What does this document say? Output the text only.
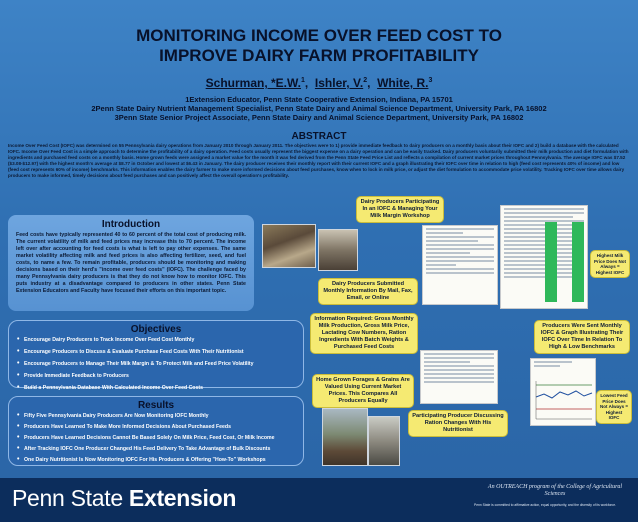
MONITORING INCOME OVER FEED COST TO IMPROVE DAIRY FARM PROFITABILITY
Schurman, *E.W.$^1$,  Ishler, V.$^2$,  White, R.$^3$
1Extension Educator, Penn State Cooperative Extension, Indiana, PA 15701
2Penn State Dairy Nutrient Management Specialist, Penn State Dairy and Animal Science Department, University Park, PA 16802
3Penn State Senior Project Associate, Penn State Dairy and Animal Science Department, University Park, PA 16802
ABSTRACT
Income Over Feed Cost (IOFC) was determined on 55 Pennsylvania dairy operations from January 2010 through January 2011. The objectives were to 1) provide immediate feedback to dairy producers on a monthly basis about their IOFC and 2) build a database with the calculated IOFC. Income Over Feed Cost is a simple approach to determine the profitability of a dairy operation. Feed costs usually represent the biggest expense on a dairy operation and can be easily tracked. Dairy producers voluntarily submitted their milk production and diet formulation with ingredients and purchased feed costs on a monthly basis. Home grown feeds were assigned a market value for the month it was fed derived from the Penn State Feed Price List and reflects a compilation of current market prices throughout Pennsylvania. The average IOFC was $7.52 ($3.08-$12.97) with the highest month's average at $8.77 in October and lowest at $6.43 in January. The dairy producer receives their monthly report with their current IOFC and a graph illustrating their IOFC over time in relation to high (feed cost represents 40% of income) and low (feed cost represents 60% of income) benchmarks. This information enables the dairy farmer to make more informed decisions about feed purchases, know when to lock in milk price, or adjust the diet formulation to accommodate price volatility. Tracking IOFC over time allows dairy producers to make informed, timely decisions about feed purchases and can positively affect the overall operation's profitability.
Introduction
Feed costs have typically represented 40 to 60 percent of the total cost of producing milk. The current volatility of milk and feed prices may increase this to 70 percent. The income left over after accounting for feed costs is what is left to pay other expenses. The same market volatility affecting milk and feed prices is also affecting fertilizer, seed, and fuel costs, to name a few. To remain profitable, producers should be monitoring and making decisions based on their herd's "income over feed costs" (IOFC). The challenge faced by many Pennsylvania dairy producers is that they do not know how to monitor IOFC. This puts industry at a disadvantage compared to producers in other states. Penn State Extension Educators and Faculty have focused their efforts on this important topic.
Objectives
• Encourage Dairy Producers to Track Income Over Feed Cost Monthly
• Encourage Producers to Discuss & Evaluate Purchase Feed Costs With Their Nutritionist
• Encourage Producers to Manage Their Milk Margin & To Protect Milk and Feed Price Volatility
• Provide Immediate Feedback to Producers
• Build a Pennsylvania Database With Calculated Income Over Feed Costs
Results
• Fifty Five Pennsylvania Dairy Producers Are Now Monitoring IOFC Monthly
• Producers Have Learned To Make More Informed Decisions About Purchased Feeds
• Producers Have Learned Decisions Cannot Be Based Solely On Milk Price, Feed Cost, Or Milk Income
• After Tracking IOFC One Producer Changed His Feed Delivery To Take Advantage of Bulk Discounts
• One Dairy Nutritionist Is Now Monitoring IOFC For His Producers & Offering "How-To" Workshops
Dairy Producers Participating In an IOFC & Managing Your Milk Margin Workshop
Dairy Producers Submitted Monthly Information By Mail, Fax, Email, or Online
Information Required: Gross Monthly Milk Production, Gross Milk Price, Lactating Cow Numbers, Ration Ingredients With Batch Weights & Purchased Feed Costs
Home Grown Forages & Grains Are Valued Using Current Market Prices. This Compares All Producers Equally
Participating Producer Discussing Ration Changes With His Nutritionist
Highest Milk Price Does Not Always = Highest IOFC
Producers Were Sent Monthly IOFC & Graph Illustrating Their IOFC Over Time In Relation To High & Low Benchmarks
Lowest Feed Price Does Not Always = Highest IOFC
Penn State Extension	An OUTREACH program of the College of Agricultural Sciences
Penn State is committed to affirmative action, equal opportunity, and the diversity of its workforce.
